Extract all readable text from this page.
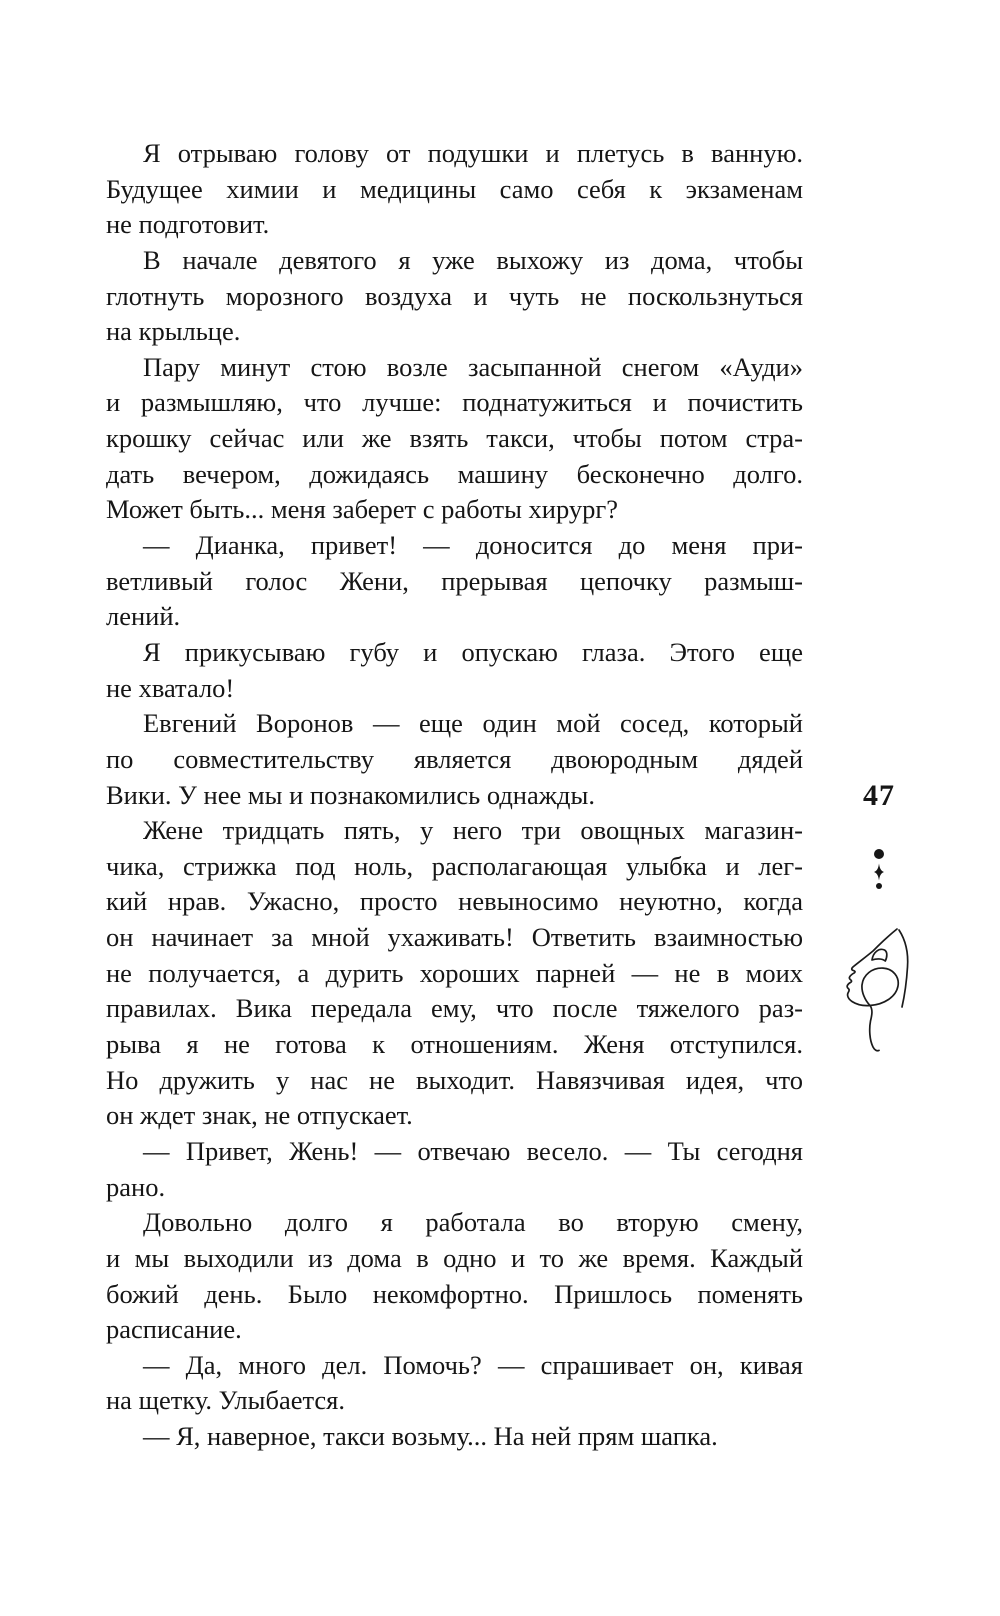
Я отрываю голову от подушки и плетусь в ванную.
Будущее химии и медицины само себя к экзаменам
не подготовит.
В начале девятого я уже выхожу из дома, чтобы
глотнуть морозного воздуха и чуть не поскользнуться
на крыльце.
Пару минут стою возле засыпанной снегом «Ауди»
и размышляю, что лучше: поднатужиться и почистить
крошку сейчас или же взять такси, чтобы потом стра-
дать вечером, дожидаясь машину бесконечно долго.
Может быть... меня заберет с работы хирург?
— Дианка, привет! — доносится до меня при-
ветливый голос Жени, прерывая цепочку размыш-
лений.
Я прикусываю губу и опускаю глаза. Этого еще
не хватало!
Евгений Воронов — еще один мой сосед, который
по совместительству является двоюродным дядей
Вики. У нее мы и познакомились однажды.
Жене тридцать пять, у него три овощных магазин-
чика, стрижка под ноль, располагающая улыбка и лег-
кий нрав. Ужасно, просто невыносимо неуютно, когда
он начинает за мной ухаживать! Ответить взаимностью
не получается, а дурить хороших парней — не в моих
правилах. Вика передала ему, что после тяжелого раз-
рыва я не готова к отношениям. Женя отступился.
Но дружить у нас не выходит. Навязчивая идея, что
он ждет знак, не отпускает.
— Привет, Жень! — отвечаю весело. — Ты сегодня
рано.
Довольно долго я работала во вторую смену,
и мы выходили из дома в одно и то же время. Каждый
божий день. Было некомфортно. Пришлось поменять
расписание.
— Да, много дел. Помочь? — спрашивает он, кивая
на щетку. Улыбается.
— Я, наверное, такси возьму... На ней прям шапка.
47
